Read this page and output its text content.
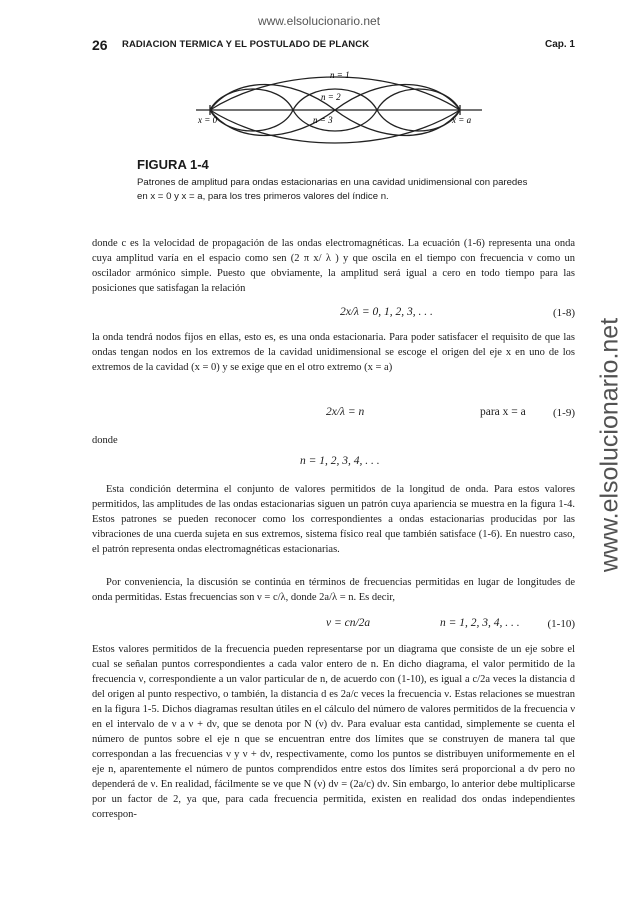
www.elsolucionario.net
www.elsolucionario.net
26 RADIACION TERMICA Y EL POSTULADO DE PLANCK	Cap. 1
n = 1
n = 2
n = 3
x = 0	x = a
FIGURA 1-4
Patrones de amplitud para ondas estacionarias en una cavidad unidimensional con paredes en x = 0 y x = a, para los tres primeros valores del índice n.
donde c es la velocidad de propagación de las ondas electromagnéticas. La ecuación (1-6) representa una onda cuya amplitud varía en el espacio como sen (2 π x/ λ ) y que oscila en el tiempo con frecuencia ν como un oscilador armónico simple. Puesto que obviamente, la amplitud será igual a cero en todo tiempo para las posiciones que satisfagan la relación
2x/λ = 0, 1, 2, 3, . . .	(1-8)
la onda tendrá nodos fijos en ellas, esto es, es una onda estacionaria. Para poder satisfacer el requisito de que las ondas tengan nodos en los extremos de la cavidad unidimensional se escoge el origen del eje x en uno de los extremos de la cavidad (x = 0) y se exige que en el otro extremo (x = a)
2x/λ = n	para x = a (1-9)
donde
n = 1, 2, 3, 4, . . .
Esta condición determina el conjunto de valores permitidos de la longitud de onda. Para estos valores permitidos, las amplitudes de las ondas estacionarias siguen un patrón cuya apariencia se muestra en la figura 1-4. Estos patrones se pueden reconocer como los correspondientes a ondas estacionarias producidas por las vibraciones de una cuerda sujeta en sus extremos, sistema físico real que también satisface (1-6). En nuestro caso, el patrón representa ondas electromagnéticas estacionarias.
Por conveniencia, la discusión se continúa en términos de frecuencias permitidas en lugar de longitudes de onda permitidas. Estas frecuencias son ν = c/λ, donde 2a/λ = n. Es decir,
ν = cn/2a	n = 1, 2, 3, 4, . . .	(1-10)
Estos valores permitidos de la frecuencia pueden representarse por un diagrama que consiste de un eje sobre el cual se señalan puntos correspondientes a cada valor entero de n. En dicho diagrama, el valor permitido de la frecuencia ν, correspondiente a un valor particular de n, de acuerdo con (1-10), es igual a c/2a veces la distancia d del origen al punto respectivo, o también, la distancia d es 2a/c veces la frecuencia ν. Estas relaciones se muestran en la figura 1-5. Dichos diagramas resultan útiles en el cálculo del número de valores permitidos de la frecuencia ν en el intervalo de ν a ν + dν, que se denota por N (ν) dν. Para evaluar esta cantidad, simplemente se cuenta el número de puntos sobre el eje n que se encuentran entre dos límites que se construyen de manera tal que correspondan a las frecuencias ν y ν + dν, respectivamente, como los puntos se distribuyen uniformemente en el eje n, aparentemente el número de puntos comprendidos entre estos dos límites será proporcional a dν pero no dependerá de ν. En realidad, fácilmente se ve que N (ν) dν = (2a/c) dν. Sin embargo, lo anterior debe multiplicarse por un factor de 2, ya que, para cada frecuencia permitida, existen en realidad dos ondas independientes correspon-
